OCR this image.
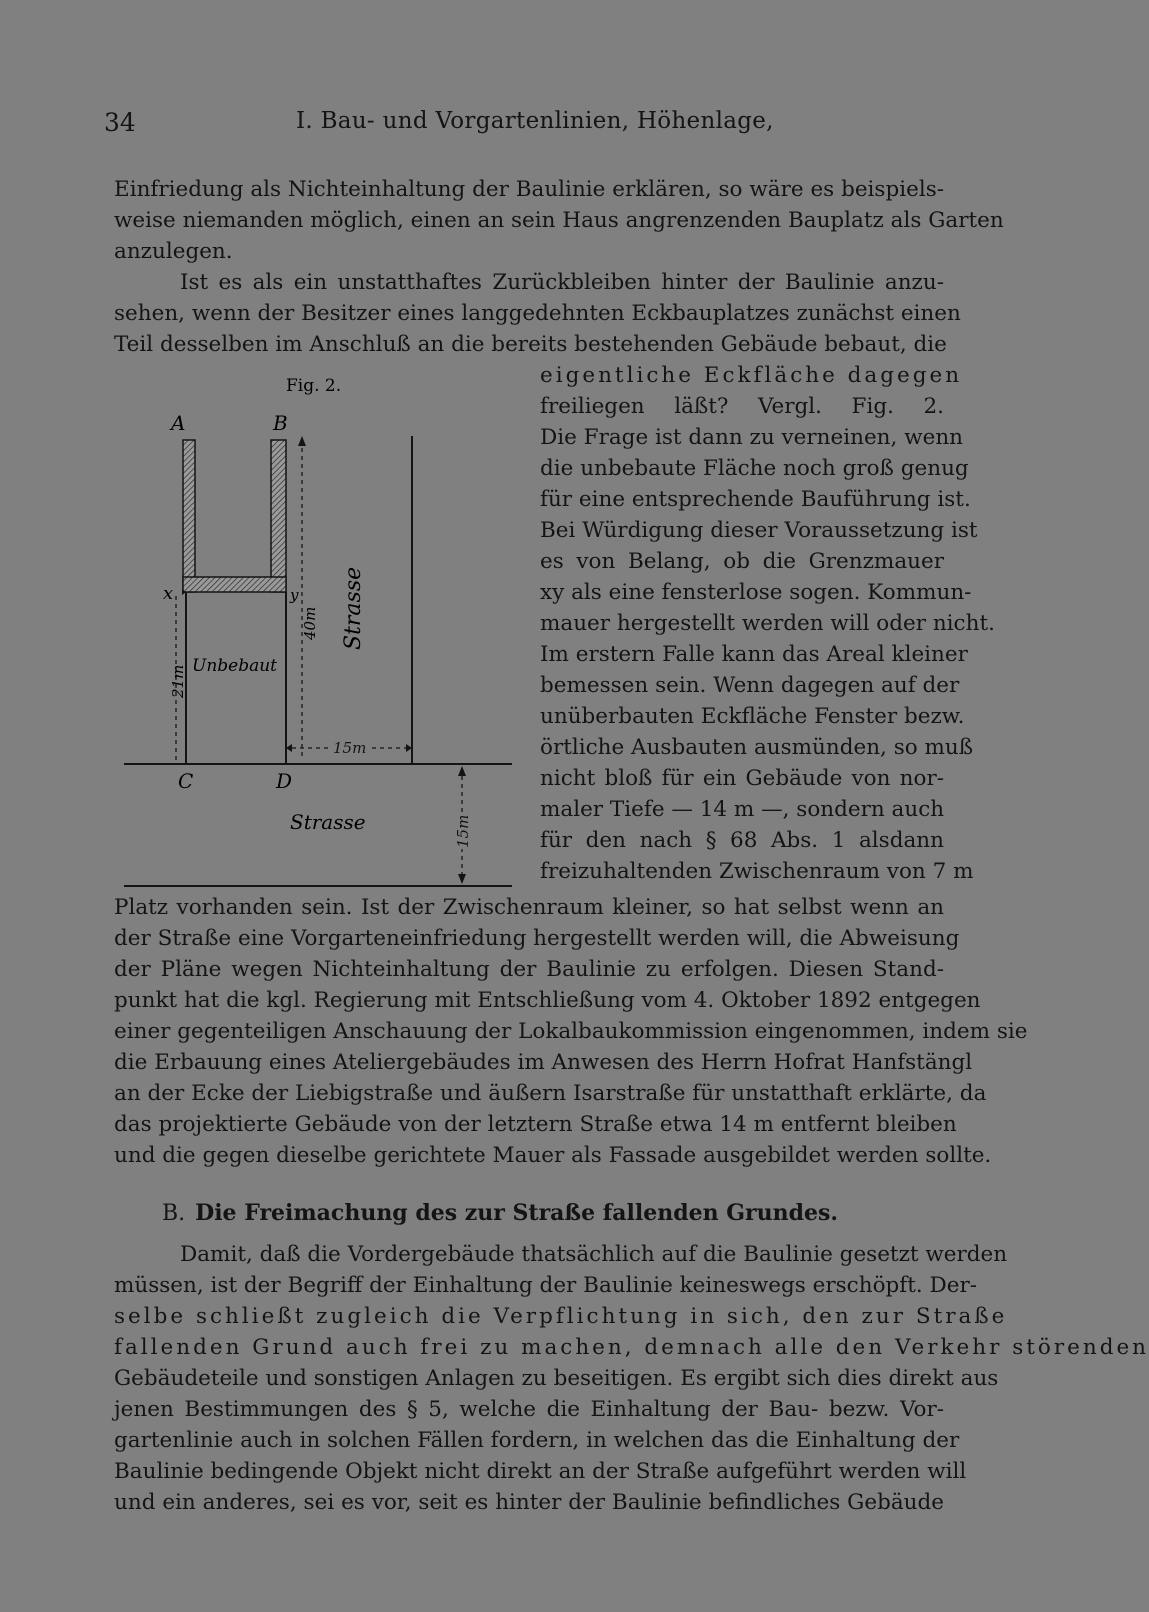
34	I. Bau- und Vorgartenlinien, Höhenlage,
Einfriedung als Nichteinhaltung der Baulinie erklären, so wäre es beispiels-
weise niemanden möglich, einen an sein Haus angrenzenden Bauplatz als Garten
anzulegen.
Ist es als ein unstatthaftes Zurückbleiben hinter der Baulinie anzu-
sehen, wenn der Besitzer eines langgedehnten Eckbauplatzes zunächst einen
Teil desselben im Anschluß an die bereits bestehenden Gebäude bebaut, die
eigentliche Eckfläche dagegen
freiliegen läßt? Vergl. Fig. 2.
Die Frage ist dann zu verneinen, wenn
die unbebaute Fläche noch groß genug
für eine entsprechende Bauführung ist.
Bei Würdigung dieser Voraussetzung ist
es von Belang, ob die Grenzmauer
xy als eine fensterlose sogen. Kommun-
mauer hergestellt werden will oder nicht.
Im erstern Falle kann das Areal kleiner
bemessen sein. Wenn dagegen auf der
unüberbauten Eckfläche Fenster bezw.
örtliche Ausbauten ausmünden, so muß
nicht bloß für ein Gebäude von nor-
maler Tiefe — 14 m —, sondern auch
für den nach § 68 Abs. 1 alsdann
freizuhaltenden Zwischenraum von 7 m
Platz vorhanden sein. Ist der Zwischenraum kleiner, so hat selbst wenn an
der Straße eine Vorgarteneinfriedung hergestellt werden will, die Abweisung
der Pläne wegen Nichteinhaltung der Baulinie zu erfolgen. Diesen Stand-
punkt hat die kgl. Regierung mit Entschließung vom 4. Oktober 1892 entgegen
einer gegenteiligen Anschauung der Lokalbaukommission eingenommen, indem sie
die Erbauung eines Ateliergebäudes im Anwesen des Herrn Hofrat Hanfstängl
an der Ecke der Liebigstraße und äußern Isarstraße für unstatthaft erklärte, da
das projektierte Gebäude von der letztern Straße etwa 14 m entfernt bleiben
und die gegen dieselbe gerichtete Mauer als Fassade ausgebildet werden sollte.
B. Die Freimachung des zur Straße fallenden Grundes.
Damit, daß die Vordergebäude thatsächlich auf die Baulinie gesetzt werden
müssen, ist der Begriff der Einhaltung der Baulinie keineswegs erschöpft. Der-
selbe schließt zugleich die Verpflichtung in sich, den zur Straße
fallenden Grund auch frei zu machen, demnach alle den Verkehr störenden
Gebäudeteile und sonstigen Anlagen zu beseitigen. Es ergibt sich dies direkt aus
jenen Bestimmungen des § 5, welche die Einhaltung der Bau- bezw. Vor-
gartenlinie auch in solchen Fällen fordern, in welchen das die Einhaltung der
Baulinie bedingende Objekt nicht direkt an der Straße aufgeführt werden will
und ein anderes, sei es vor, seit es hinter der Baulinie befindliches Gebäude
Fig. 2.
A	B
x	y
C	D
Unbebaut
Strasse
Strasse
40m
21m
15m
15m
